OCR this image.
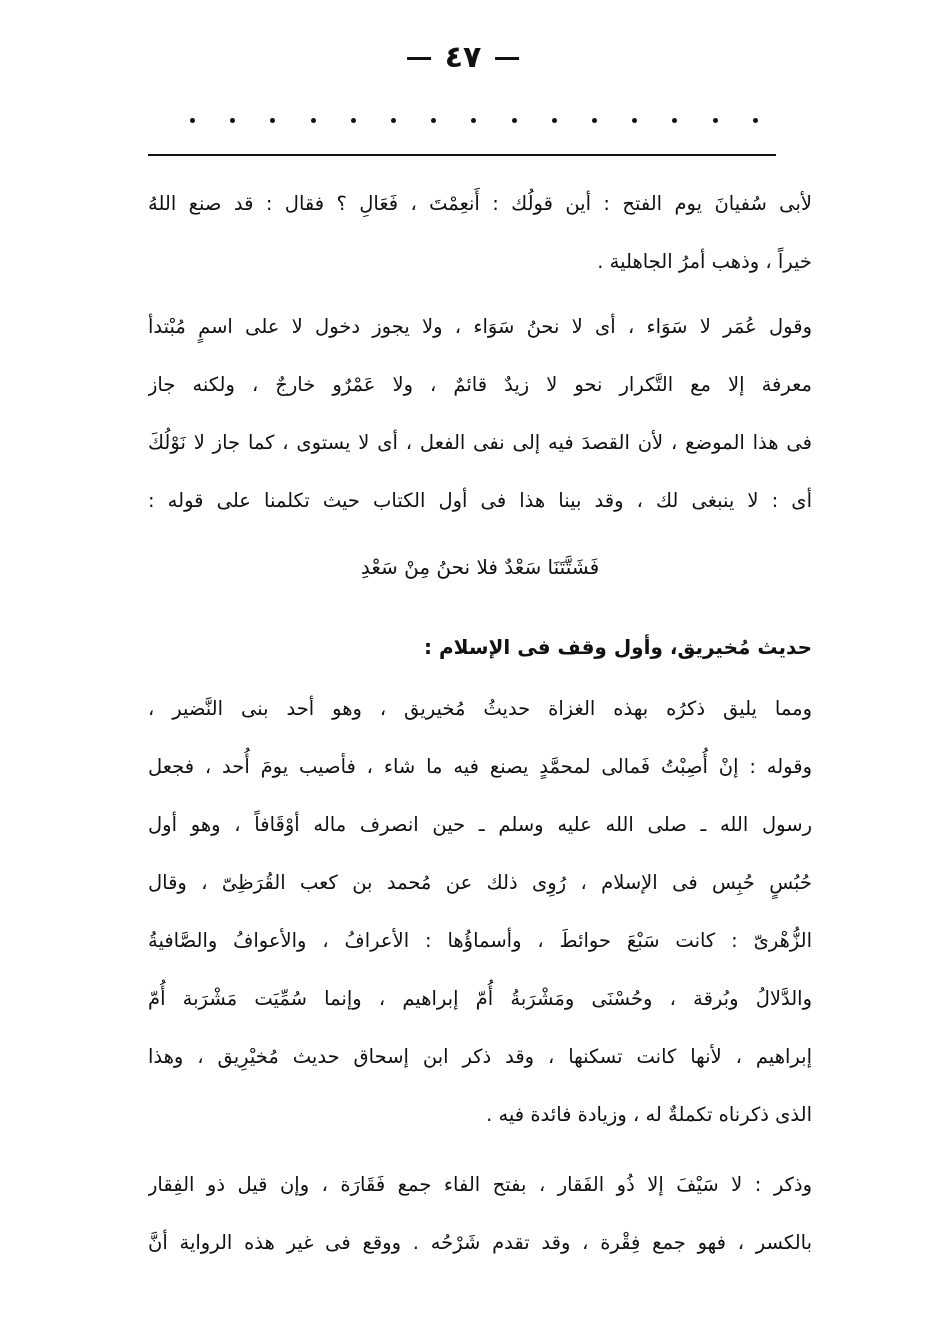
٤٧
لأبى سُفيانَ يوم الفتح : أين قولُك : أَنعِمْتَ ، فَعَالِ ؟ فقال : قد صنع اللهُ
خيراً ، وذهب أمرُ الجاهلية .
وقول عُمَر لا سَوَاء ، أى لا نحنُ سَوَاء ، ولا يجوز دخول لا على اسمٍ مُبْتدأ
معرفة إلا مع التَّكرار نحو لا زيدٌ قائمٌ ، ولا عَمْرٌو خارجٌ ، ولكنه جاز
فى هذا الموضع ، لأن القصدَ فيه إلى نفى الفعل ، أى لا يستوى ، كما جاز لا نَوْلُكَ
أى : لا ينبغى لك ، وقد بينا هذا فى أول الكتاب حيث تكلمنا على قوله :
فَشَتَّتَنَا سَعْدٌ فلا نحنُ مِنْ سَعْدِ
حديث مُخيريق، وأول وقف فى الإسلام :
ومما يليق ذكرُه بهذه الغزاة حديثُ مُخيريق ، وهو أحد بنى النَّضير ،
وقوله : إنْ أُصِبْتُ فَمالى لمحمَّدٍ يصنع فيه ما شاء ، فأصيب يومَ أُحد ، فجعل
رسول الله ـ صلى الله عليه وسلم ـ حين انصرف ماله أوْقَافاً ، وهو أول
حُبُسٍ حُبِس فى الإسلام ، رُوِى ذلك عن مُحمد بن كعب القُرَظِىّ ، وقال
الزُّهْرىّ : كانت سَبْعَ حوائطَ ، وأسماؤُها : الأعرافُ ، والأعوافُ والصَّافيةُ
والدَّلالُ وبُرقة ، وحُسْنَى ومَشْرَبةُ أُمّ إبراهيم ، وإنما سُمِّيَت مَشْرَبة أُمّ
إبراهيم ، لأنها كانت تسكنها ، وقد ذكر ابن إسحاق حديث مُخيْرِيق ، وهذا
الذى ذكرناه تكملةٌ له ، وزيادة فائدة فيه .
وذكر : لا سَيْفَ إلا ذُو الفَقار ، بفتح الفاء جمع فَقَارَة ، وإن قيل ذو الفِقار
بالكسر ، فهو جمع فِقْرة ، وقد تقدم شَرْحُه . ووقع فى غير هذه الرواية أنَّ
